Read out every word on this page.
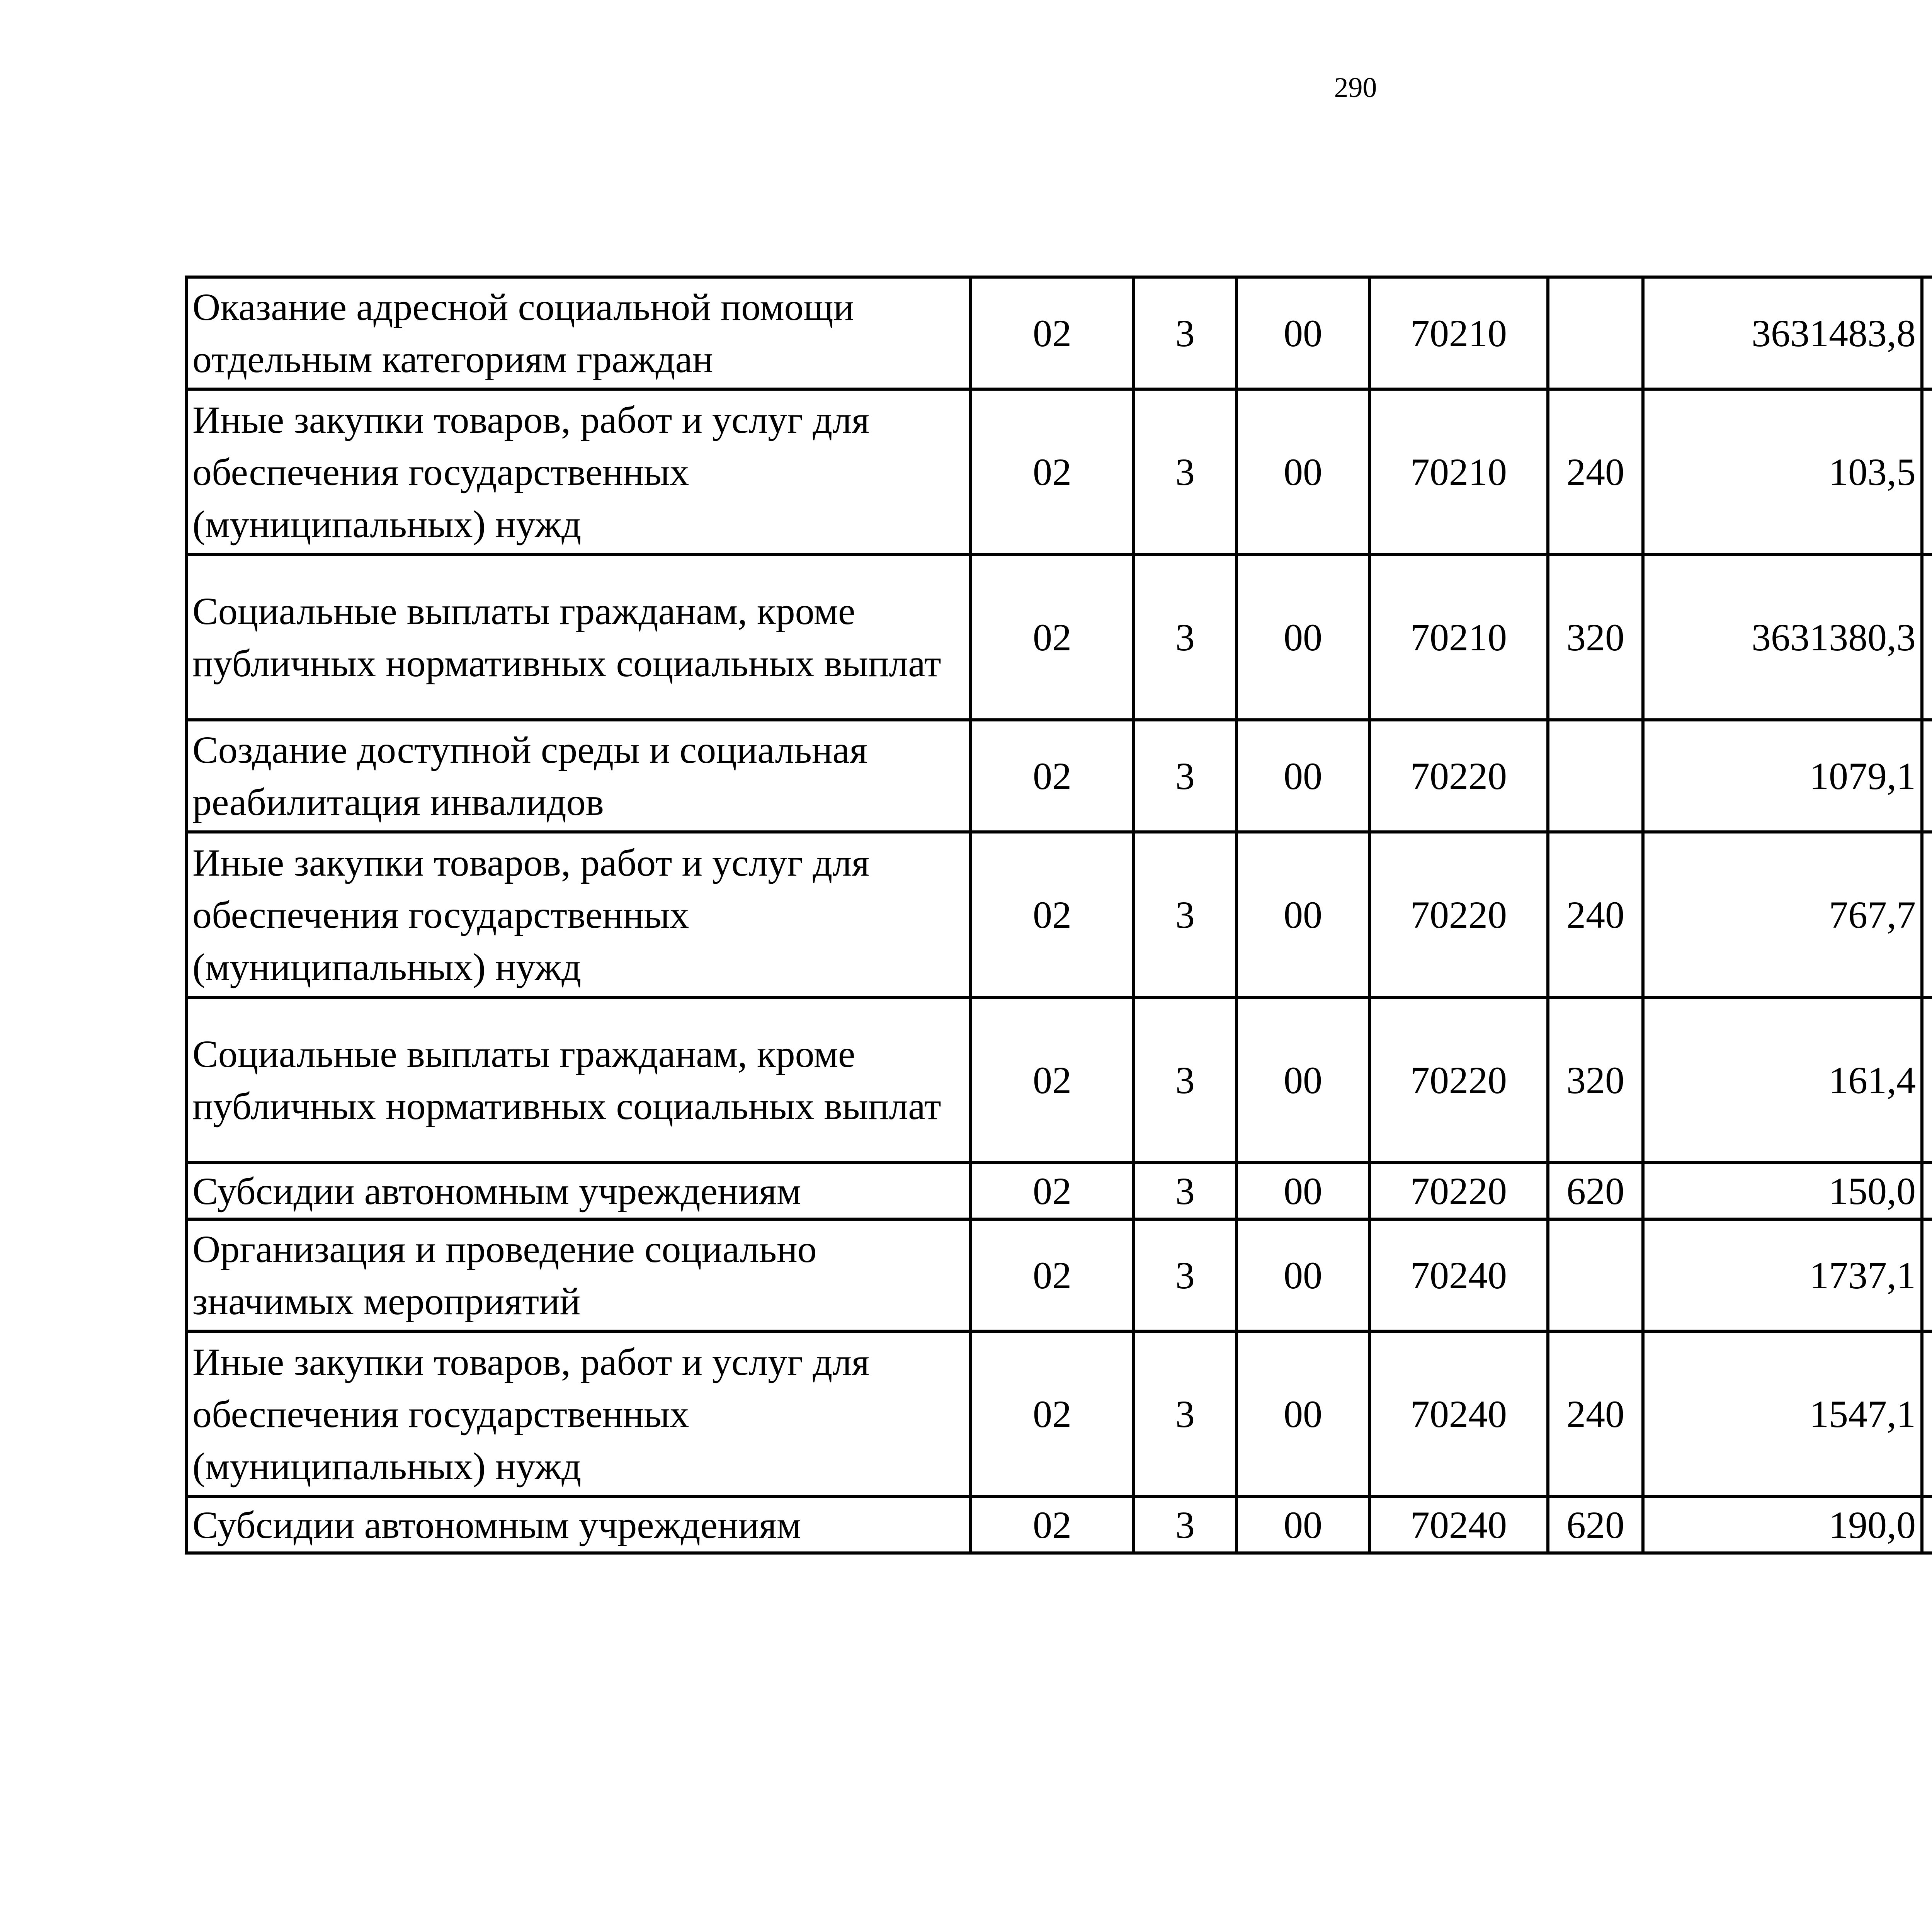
290
Оказание адресной социальной помощи отдельным категориям граждан	02	3	00	70210		3631483,8		
Иные закупки товаров, работ и услуг для обеспечения государственных (муниципальных) нужд	02	3	00	70210	240	103,5		
Социальные выплаты гражданам, кроме публичных нормативных социальных выплат	02	3	00	70210	320	3631380,3		
Создание доступной среды и социальная реабилитация инвалидов	02	3	00	70220		1079,1		
Иные закупки товаров, работ и услуг для обеспечения государственных (муниципальных) нужд	02	3	00	70220	240	767,7		
Социальные выплаты гражданам, кроме публичных нормативных социальных выплат	02	3	00	70220	320	161,4		
Субсидии автономным учреждениям	02	3	00	70220	620	150,0		
Организация и проведение социально значимых мероприятий	02	3	00	70240		1737,1		
Иные закупки товаров, работ и услуг для обеспечения государственных (муниципальных) нужд	02	3	00	70240	240	1547,1		
Субсидии автономным учреждениям	02	3	00	70240	620	190,0		
